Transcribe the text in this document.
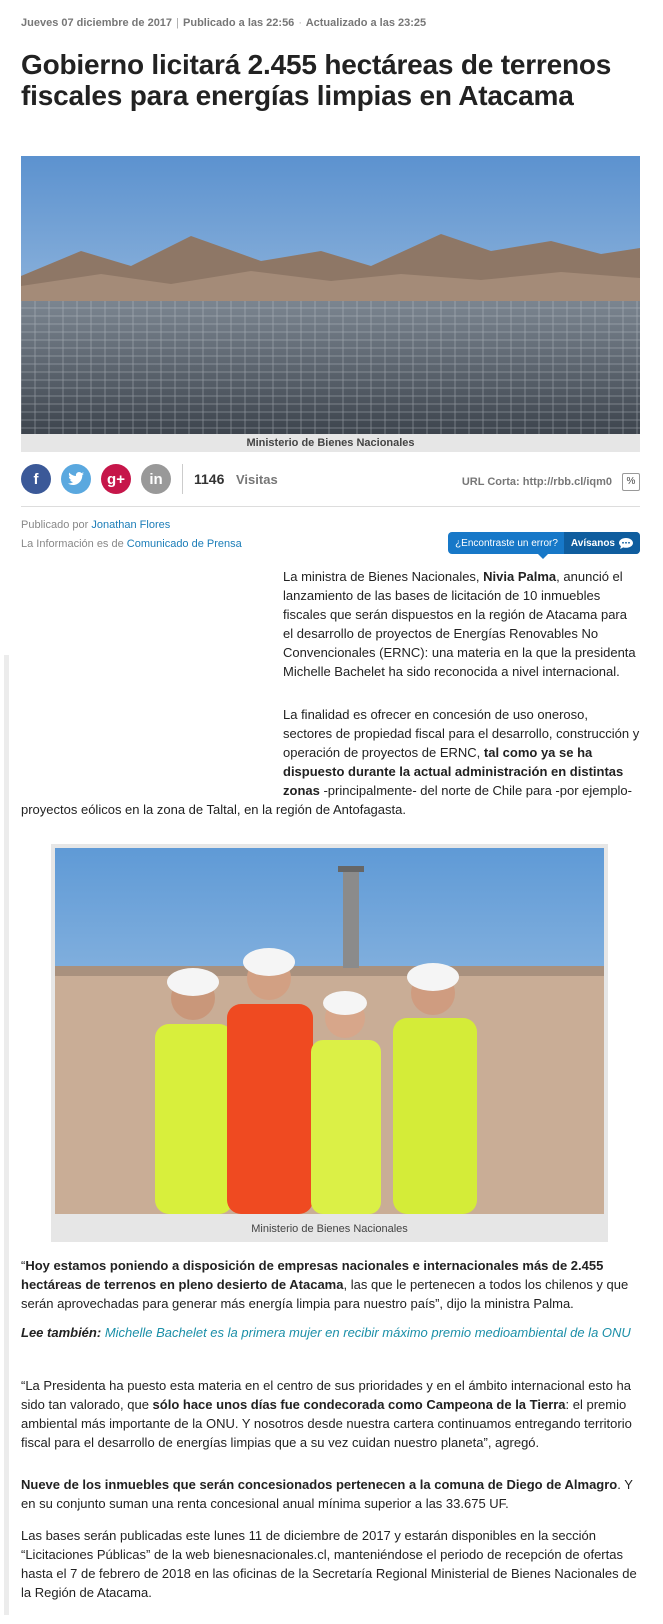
Jueves 07 diciembre de 2017 | Publicado a las 22:56 · Actualizado a las 23:25
Gobierno licitará 2.455 hectáreas de terrenos fiscales para energías limpias en Atacama
Ministerio de Bienes Nacionales
f	g+ in 1146 Visitas	URL Corta: http://rbb.cl/iqm0	%
Publicado por Jonathan Flores
La Información es de Comunicado de Prensa	¿Encontraste un error?	Avísanos

La ministra de Bienes Nacionales, Nivia Palma, anunció el lanzamiento de las bases de licitación de 10 inmuebles fiscales que serán dispuestos en la región de Atacama para el desarrollo de proyectos de Energías Renovables No Convencionales (ERNC): una materia en la que la presidenta Michelle Bachelet ha sido reconocida a nivel internacional.

La finalidad es ofrecer en concesión de uso oneroso, sectores de propiedad fiscal para el desarrollo, construcción y operación de proyectos de ERNC, tal como ya se ha dispuesto durante la actual administración en distintas zonas -principalmente- del norte de Chile para -por ejemplo- proyectos eólicos en la zona de Taltal, en la región de Antofagasta.

Ministerio de Bienes Nacionales

“Hoy estamos poniendo a disposición de empresas nacionales e internacionales más de 2.455 hectáreas de terrenos en pleno desierto de Atacama, las que le pertenecen a todos los chilenos y que serán aprovechadas para generar más energía limpia para nuestro país”, dijo la ministra Palma.

Lee también: Michelle Bachelet es la primera mujer en recibir máximo premio medioambiental de la ONU

“La Presidenta ha puesto esta materia en el centro de sus prioridades y en el ámbito internacional esto ha sido tan valorado, que sólo hace unos días fue condecorada como Campeona de la Tierra: el premio ambiental más importante de la ONU. Y nosotros desde nuestra cartera continuamos entregando territorio fiscal para el desarrollo de energías limpias que a su vez cuidan nuestro planeta”, agregó.

Nueve de los inmuebles que serán concesionados pertenecen a la comuna de Diego de Almagro. Y en su conjunto suman una renta concesional anual mínima superior a las 33.675 UF.

Las bases serán publicadas este lunes 11 de diciembre de 2017 y estarán disponibles en la sección “Licitaciones Públicas” de la web bienesnacionales.cl, manteniéndose el periodo de recepción de ofertas hasta el 7 de febrero de 2018 en las oficinas de la Secretaría Regional Ministerial de Bienes Nacionales de la Región de Atacama.
